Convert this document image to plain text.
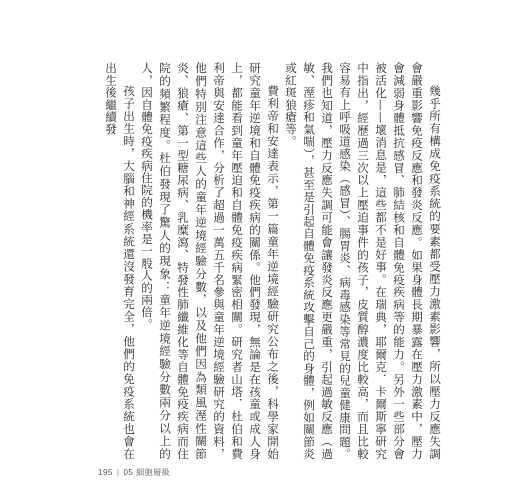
幾乎所有構成免疫系統的要素都受壓力激素影響，所以壓力反應失調會嚴重影響免疫反應和發炎反應。如果身體長期暴露在壓力激素中，壓力會減弱身體抵抗感冒、肺結核和自體免疫疾病等的能力。另外一些部分會被活化——壞消息是，這些都不是好事。在瑞典，耶爾克．卡爾斯寧研究中指出，經歷過三次以上壓迫事件的孩子，皮質醇濃度比較高，而且比較容易有上呼吸道感染（感冒）、腸胃炎、病毒感染等常見的兒童健康問題。我們也知道，壓力反應失調可能會讓發炎反應更嚴重，引起過敏反應（過敏、溼疹和氣喘），甚至是引起自體免疫系統攻擊自己的身體，例如關節炎或紅斑狼瘡等。

費利帝和安達表示，第一篇童年逆境經驗研究公布之後，科學家開始研究童年逆境和自體免疫疾病的關係。他們發現，無論是在孩童或成人身上，都能看到童年壓迫和自體免疫疾病緊密相關。研究者山塔．杜伯和費利帝與安達合作，分析了超過一萬五千名參與童年逆境經驗研究的資料，他們特別注意這些人的童年逆境經驗分數，以及他們因為類風溼性關節炎、狼瘡、第一型糖尿病、乳糜瀉、特發性肺纖維化等自體免疫疾病而住院的頻繁程度。杜伯發現了驚人的現象：童年逆境經驗分數兩分以上的人，因自體免疫疾病住院的機率是一般人的兩倍。

孩子出生時，大腦和神經系統還沒發育完全，他們的免疫系統也會在出生後繼續發

195 | 05 細胞層級
